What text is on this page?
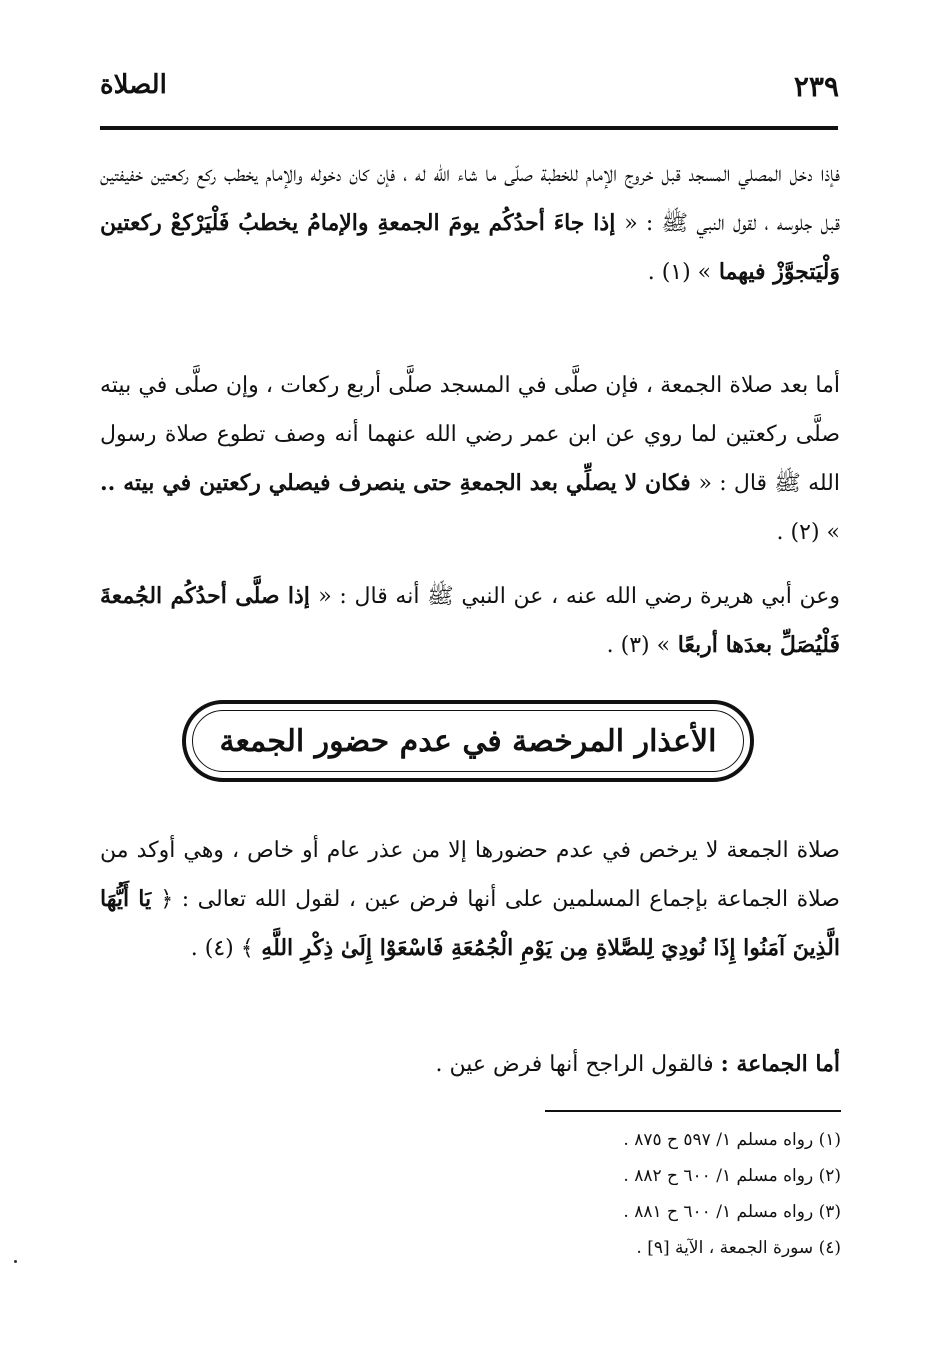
الصلاة	٢٣٩

فإذا دخل المصلي المسجد قبل خروج الإمام للخطبة صلّى ما شاء الله له ، فإن كان دخوله والإمام يخطب ركع ركعتين خفيفتين قبل جلوسه ، لقول النبي ﷺ : « إذا جاءَ أحدُكُم يومَ الجمعةِ والإمامُ يخطبُ فَلْيَرْكعْ ركعتين وَلْيَتجوَّزْ فيهما » (١) .

أما بعد صلاة الجمعة ، فإن صلَّى في المسجد صلَّى أربع ركعات ، وإن صلَّى في بيته صلَّى ركعتين لما روي عن ابن عمر رضي الله عنهما أنه وصف تطوع صلاة رسول الله ﷺ قال : « فكان لا يصلِّي بعد الجمعةِ حتى ينصرف فيصلي ركعتين في بيته .. » (٢) .

وعن أبي هريرة رضي الله عنه ، عن النبي ﷺ أنه قال : « إذا صلَّى أحدُكُم الجُمعةَ فَلْيُصَلِّ بعدَها أربعًا » (٣) .

الأعذار المرخصة في عدم حضور الجمعة

صلاة الجمعة لا يرخص في عدم حضورها إلا من عذر عام أو خاص ، وهي أوكد من صلاة الجماعة بإجماع المسلمين على أنها فرض عين ، لقول الله تعالى : ﴿ يَا أَيُّهَا الَّذِينَ آمَنُوا إِذَا نُودِيَ لِلصَّلاةِ مِن يَوْمِ الْجُمُعَةِ فَاسْعَوْا إِلَىٰ ذِكْرِ اللَّهِ ﴾ (٤) .

أما الجماعة : فالقول الراجح أنها فرض عين .

(١) رواه مسلم ١/ ٥٩٧ ح ٨٧٥ .
(٢) رواه مسلم ١/ ٦٠٠ ح ٨٨٢ .
(٣) رواه مسلم ١/ ٦٠٠ ح ٨٨١ .
(٤) سورة الجمعة ، الآية [٩] .
